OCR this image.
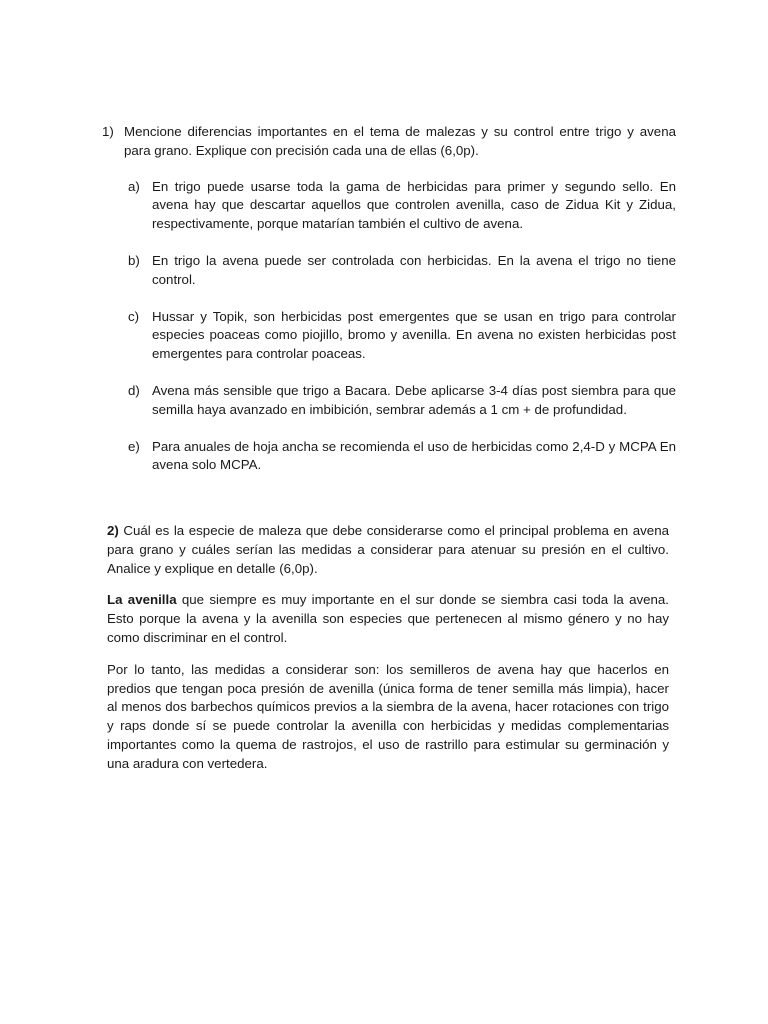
1) Mencione diferencias importantes en el tema de malezas y su control entre trigo y avena para grano. Explique con precisión cada una de ellas (6,0p).
a) En trigo puede usarse toda la gama de herbicidas para primer y segundo sello. En avena hay que descartar aquellos que controlen avenilla, caso de Zidua Kit y Zidua, respectivamente, porque matarían también el cultivo de avena.
b) En trigo la avena puede ser controlada con herbicidas. En la avena el trigo no tiene control.
c) Hussar y Topik, son herbicidas post emergentes que se usan en trigo para controlar especies poaceas como piojillo, bromo y avenilla. En avena no existen herbicidas post emergentes para controlar poaceas.
d) Avena más sensible que trigo a Bacara. Debe aplicarse 3-4 días post siembra para que semilla haya avanzado en imbibición, sembrar además a 1 cm + de profundidad.
e) Para anuales de hoja ancha se recomienda el uso de herbicidas como 2,4-D y MCPA En avena solo MCPA.

2) Cuál es la especie de maleza que debe considerarse como el principal problema en avena para grano y cuáles serían las medidas a considerar para atenuar su presión en el cultivo. Analice y explique en detalle (6,0p).

La avenilla que siempre es muy importante en el sur donde se siembra casi toda la avena. Esto porque la avena y la avenilla son especies que pertenecen al mismo género y no hay como discriminar en el control.

Por lo tanto, las medidas a considerar son: los semilleros de avena hay que hacerlos en predios que tengan poca presión de avenilla (única forma de tener semilla más limpia), hacer al menos dos barbechos químicos previos a la siembra de la avena, hacer rotaciones con trigo y raps donde sí se puede controlar la avenilla con herbicidas y medidas complementarias importantes como la quema de rastrojos, el uso de rastrillo para estimular su germinación y una aradura con vertedera.
